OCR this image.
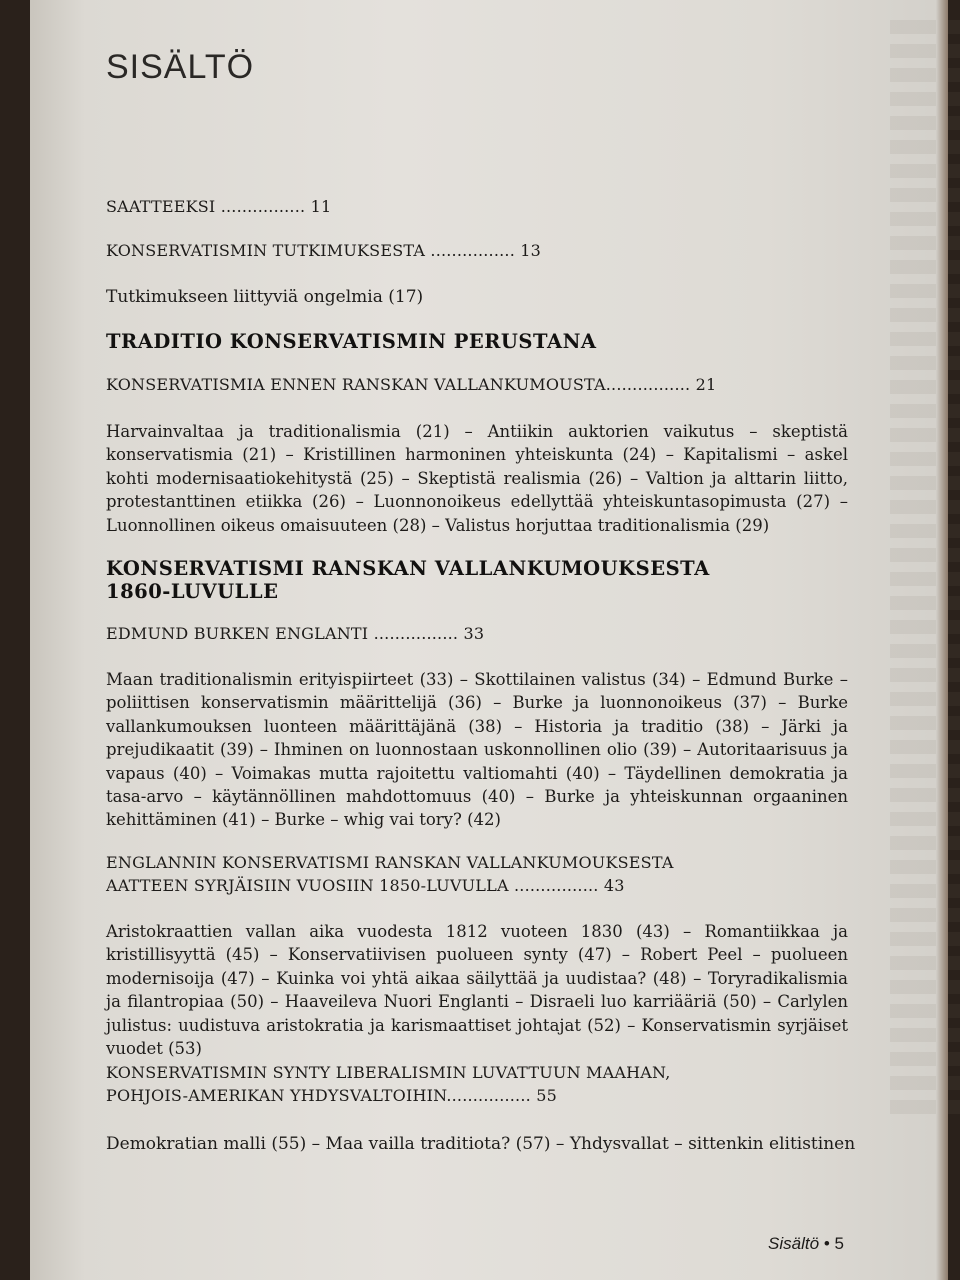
SISÄLTÖ
SAATTEEKSI ................ 11
KONSERVATISMIN TUTKIMUKSESTA ................ 13
Tutkimukseen liittyviä ongelmia (17)
TRADITIO KONSERVATISMIN PERUSTANA
KONSERVATISMIA ENNEN RANSKAN VALLANKUMOUSTA................ 21
Harvainvaltaa ja traditionalismia (21) – Antiikin auktorien vaikutus – skeptistä konservatismia (21) – Kristillinen harmoninen yhteiskunta (24) – Kapitalismi – askel kohti modernisaatiokehitystä (25) – Skeptistä realismia (26) – Valtion ja alttarin liitto, protestanttinen etiikka (26) – Luonnonoikeus edellyttää yhteiskuntasopimusta (27) – Luonnollinen oikeus omaisuuteen (28) – Valistus horjuttaa traditionalismia (29)
KONSERVATISMI RANSKAN VALLANKUMOUKSESTA
1860-LUVULLE
EDMUND BURKEN ENGLANTI ................ 33
Maan traditionalismin erityispiirteet (33) – Skottilainen valistus (34) – Edmund Burke – poliittisen konservatismin määrittelijä (36) – Burke ja luonnonoikeus (37) – Burke vallankumouksen luonteen määrittäjänä (38) – Historia ja traditio (38) – Järki ja prejudikaatit (39) – Ihminen on luonnostaan uskonnollinen olio (39) – Autoritaarisuus ja vapaus (40) – Voimakas mutta rajoitettu valtiomahti (40) – Täydellinen demokratia ja tasa-arvo – käytännöllinen mahdottomuus (40) – Burke ja yhteiskunnan orgaaninen kehittäminen (41) – Burke – whig vai tory? (42)
ENGLANNIN KONSERVATISMI RANSKAN VALLANKUMOUKSESTA
AATTEEN SYRJÄISIIN VUOSIIN 1850-LUVULLA ................ 43
Aristokraattien vallan aika vuodesta 1812 vuoteen 1830 (43) – Romantiikkaa ja kristillisyyttä (45) – Konservatiivisen puolueen synty (47) – Robert Peel – puolueen modernisoija (47) – Kuinka voi yhtä aikaa säilyttää ja uudistaa? (48) – Toryradikalismia ja filantropiaa (50) – Haaveileva Nuori Englanti – Disraeli luo karriääriä (50) – Carlylen julistus: uudistuva aristokratia ja karismaattiset johtajat (52) – Konservatismin syrjäiset vuodet (53)
KONSERVATISMIN SYNTY LIBERALISMIN LUVATTUUN MAAHAN,
POHJOIS-AMERIKAN YHDYSVALTOIHIN................ 55
Demokratian malli (55) – Maa vailla traditiota? (57) – Yhdysvallat – sittenkin elitistinen
Sisältö • 5
